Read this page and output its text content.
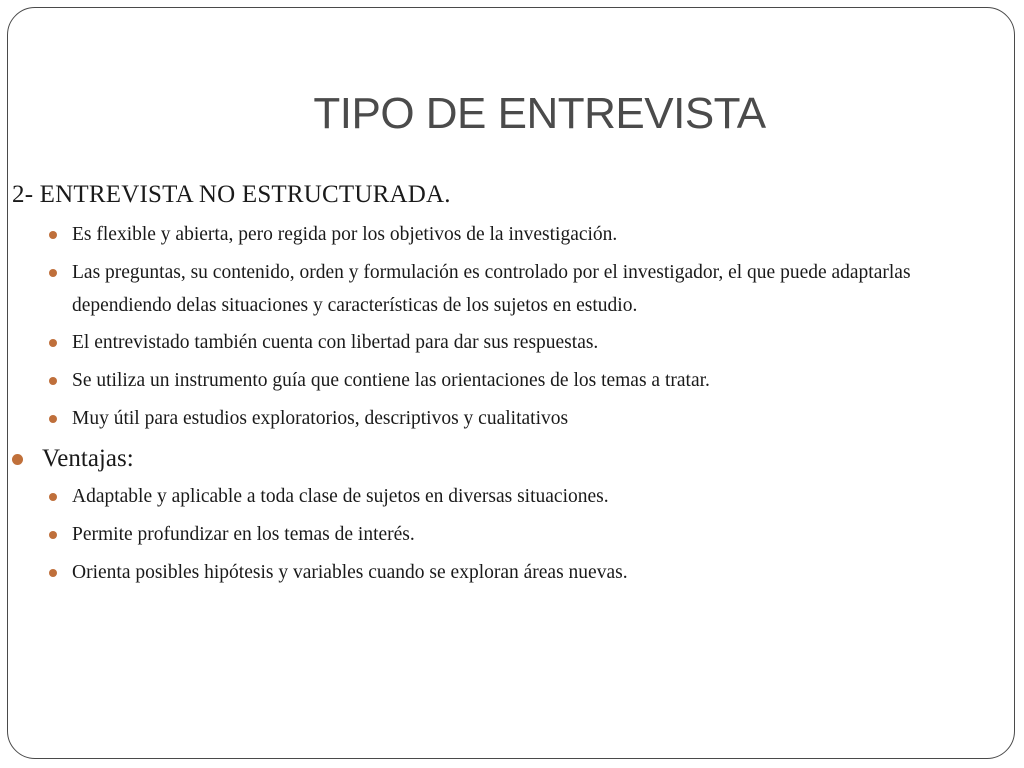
TIPO DE ENTREVISTA
2- ENTREVISTA NO ESTRUCTURADA.
Es flexible y abierta, pero regida por los objetivos de la investigación.
Las preguntas, su contenido, orden y formulación es controlado por el investigador, el que puede adaptarlas dependiendo delas situaciones y características de los sujetos en estudio.
El entrevistado también cuenta con libertad para dar sus respuestas.
Se utiliza un instrumento guía que contiene las orientaciones de los temas a tratar.
Muy útil para estudios exploratorios, descriptivos y cualitativos
Ventajas:
Adaptable y aplicable a toda clase de sujetos en diversas situaciones.
Permite profundizar en los temas de interés.
Orienta posibles hipótesis y variables cuando se exploran áreas nuevas.
